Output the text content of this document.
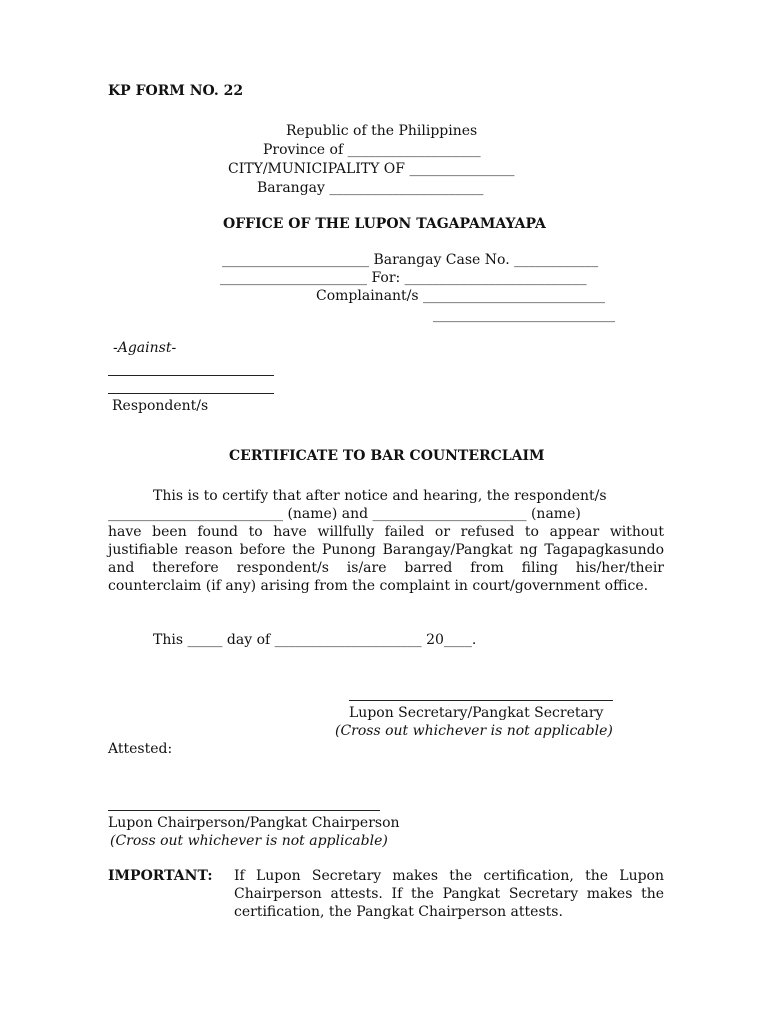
KP FORM NO. 22
Republic of the Philippines
Province of ___________________
CITY/MUNICIPALITY OF _______________
Barangay ______________________
OFFICE OF THE LUPON TAGAPAMAYAPA
_____________________ Barangay Case No. ____________
_____________________ For: __________________________
Complainant/s __________________________
__________________________
-Against-
Respondent/s
CERTIFICATE TO BAR COUNTERCLAIM
This is to certify that after notice and hearing, the respondent/s
_________________________ (name) and ______________________ (name)
have been found to have willfully failed or refused to appear without justifiable reason before the Punong Barangay/Pangkat ng Tagapagkasundo and therefore respondent/s is/are barred from filing his/her/their counterclaim (if any) arising from the complaint in court/government office.
This _____ day of _____________________ 20____.
Lupon Secretary/Pangkat Secretary
(Cross out whichever is not applicable)
Attested:
Lupon Chairperson/Pangkat Chairperson
(Cross out whichever is not applicable)
IMPORTANT: If Lupon Secretary makes the certification, the Lupon Chairperson attests. If the Pangkat Secretary makes the certification, the Pangkat Chairperson attests.
